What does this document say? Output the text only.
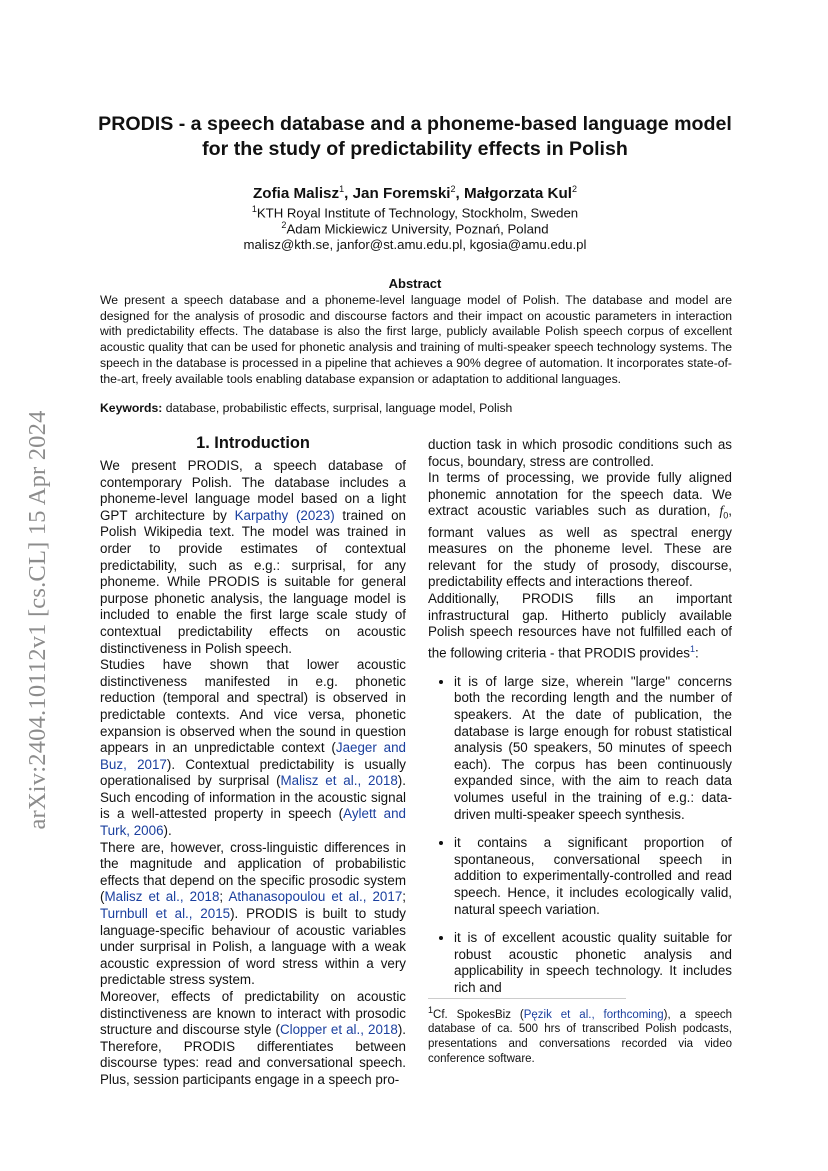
arXiv:2404.10112v1 [cs.CL] 15 Apr 2024
PRODIS - a speech database and a phoneme-based language model
for the study of predictability effects in Polish
Zofia Malisz$^1$, Jan Foremski$^2$, Małgorzata Kul$^2$
$^1$KTH Royal Institute of Technology, Stockholm, Sweden
$^2$Adam Mickiewicz University, Poznań, Poland
malisz@kth.se, janfor@st.amu.edu.pl, kgosia@amu.edu.pl
Abstract
We present a speech database and a phoneme-level language model of Polish. The database and model are designed for the analysis of prosodic and discourse factors and their impact on acoustic parameters in interaction with predictability effects. The database is also the first large, publicly available Polish speech corpus of excellent acoustic quality that can be used for phonetic analysis and training of multi-speaker speech technology systems. The speech in the database is processed in a pipeline that achieves a 90% degree of automation. It incorporates state-of-the-art, freely available tools enabling database expansion or adaptation to additional languages.
Keywords: database, probabilistic effects, surprisal, language model, Polish
1. Introduction

We present PRODIS, a speech database of contemporary Polish. The database includes a phoneme-level language model based on a light GPT architecture by Karpathy (2023) trained on Polish Wikipedia text. The model was trained in order to provide estimates of contextual predictability, such as e.g.: surprisal, for any phoneme. While PRODIS is suitable for general purpose phonetic analysis, the language model is included to enable the first large scale study of contextual predictability effects on acoustic distinctiveness in Polish speech.

Studies have shown that lower acoustic distinctiveness manifested in e.g. phonetic reduction (temporal and spectral) is observed in predictable contexts. And vice versa, phonetic expansion is observed when the sound in question appears in an unpredictable context (Jaeger and Buz, 2017). Contextual predictability is usually operationalised by surprisal (Malisz et al., 2018). Such encoding of information in the acoustic signal is a well-attested property in speech (Aylett and Turk, 2006).

There are, however, cross-linguistic differences in the magnitude and application of probabilistic effects that depend on the specific prosodic system (Malisz et al., 2018; Athanasopoulou et al., 2017; Turnbull et al., 2015). PRODIS is built to study language-specific behaviour of acoustic variables under surprisal in Polish, a language with a weak acoustic expression of word stress within a very predictable stress system.

Moreover, effects of predictability on acoustic distinctiveness are known to interact with prosodic structure and discourse style (Clopper et al., 2018). Therefore, PRODIS differentiates between discourse types: read and conversational speech. Plus, session participants engage in a speech pro-

duction task in which prosodic conditions such as focus, boundary, stress are controlled.

In terms of processing, we provide fully aligned phonemic annotation for the speech data. We extract acoustic variables such as duration, $f_0$, formant values as well as spectral energy measures on the phoneme level. These are relevant for the study of prosody, discourse, predictability effects and interactions thereof.

Additionally, PRODIS fills an important infrastructural gap. Hitherto publicly available Polish speech resources have not fulfilled each of the following criteria - that PRODIS provides$^1$:

• it is of large size, wherein "large" concerns both the recording length and the number of speakers. At the date of publication, the database is large enough for robust statistical analysis (50 speakers, 50 minutes of speech each). The corpus has been continuously expanded since, with the aim to reach data volumes useful in the training of e.g.: data-driven multi-speaker speech synthesis.
• it contains a significant proportion of spontaneous, conversational speech in addition to experimentally-controlled and read speech. Hence, it includes ecologically valid, natural speech variation.
• it is of excellent acoustic quality suitable for robust acoustic phonetic analysis and applicability in speech technology. It includes rich and
$^1$Cf. SpokesBiz (Pęzik et al., forthcoming), a speech database of ca. 500 hrs of transcribed Polish podcasts, presentations and conversations recorded via video conference software.
